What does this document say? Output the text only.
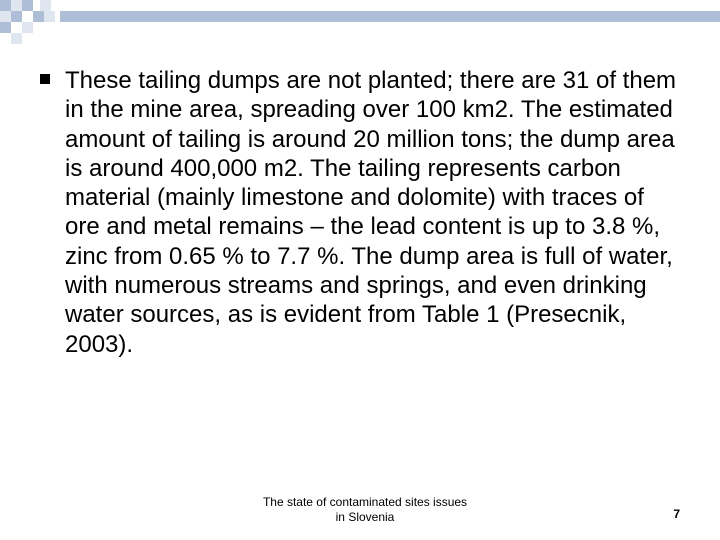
These tailing dumps are not planted; there are 31 of them in the mine area, spreading over 100 km2. The estimated amount of tailing is around 20 million tons; the dump area is around 400,000 m2. The tailing represents carbon material (mainly limestone and dolomite) with traces of ore and metal remains – the lead content is up to 3.8 %, zinc from 0.65 % to 7.7 %. The dump area is full of water, with numerous streams and springs, and even drinking water sources, as is evident from Table 1 (Presecnik, 2003).
The state of contaminated sites issues
in Slovenia	7
